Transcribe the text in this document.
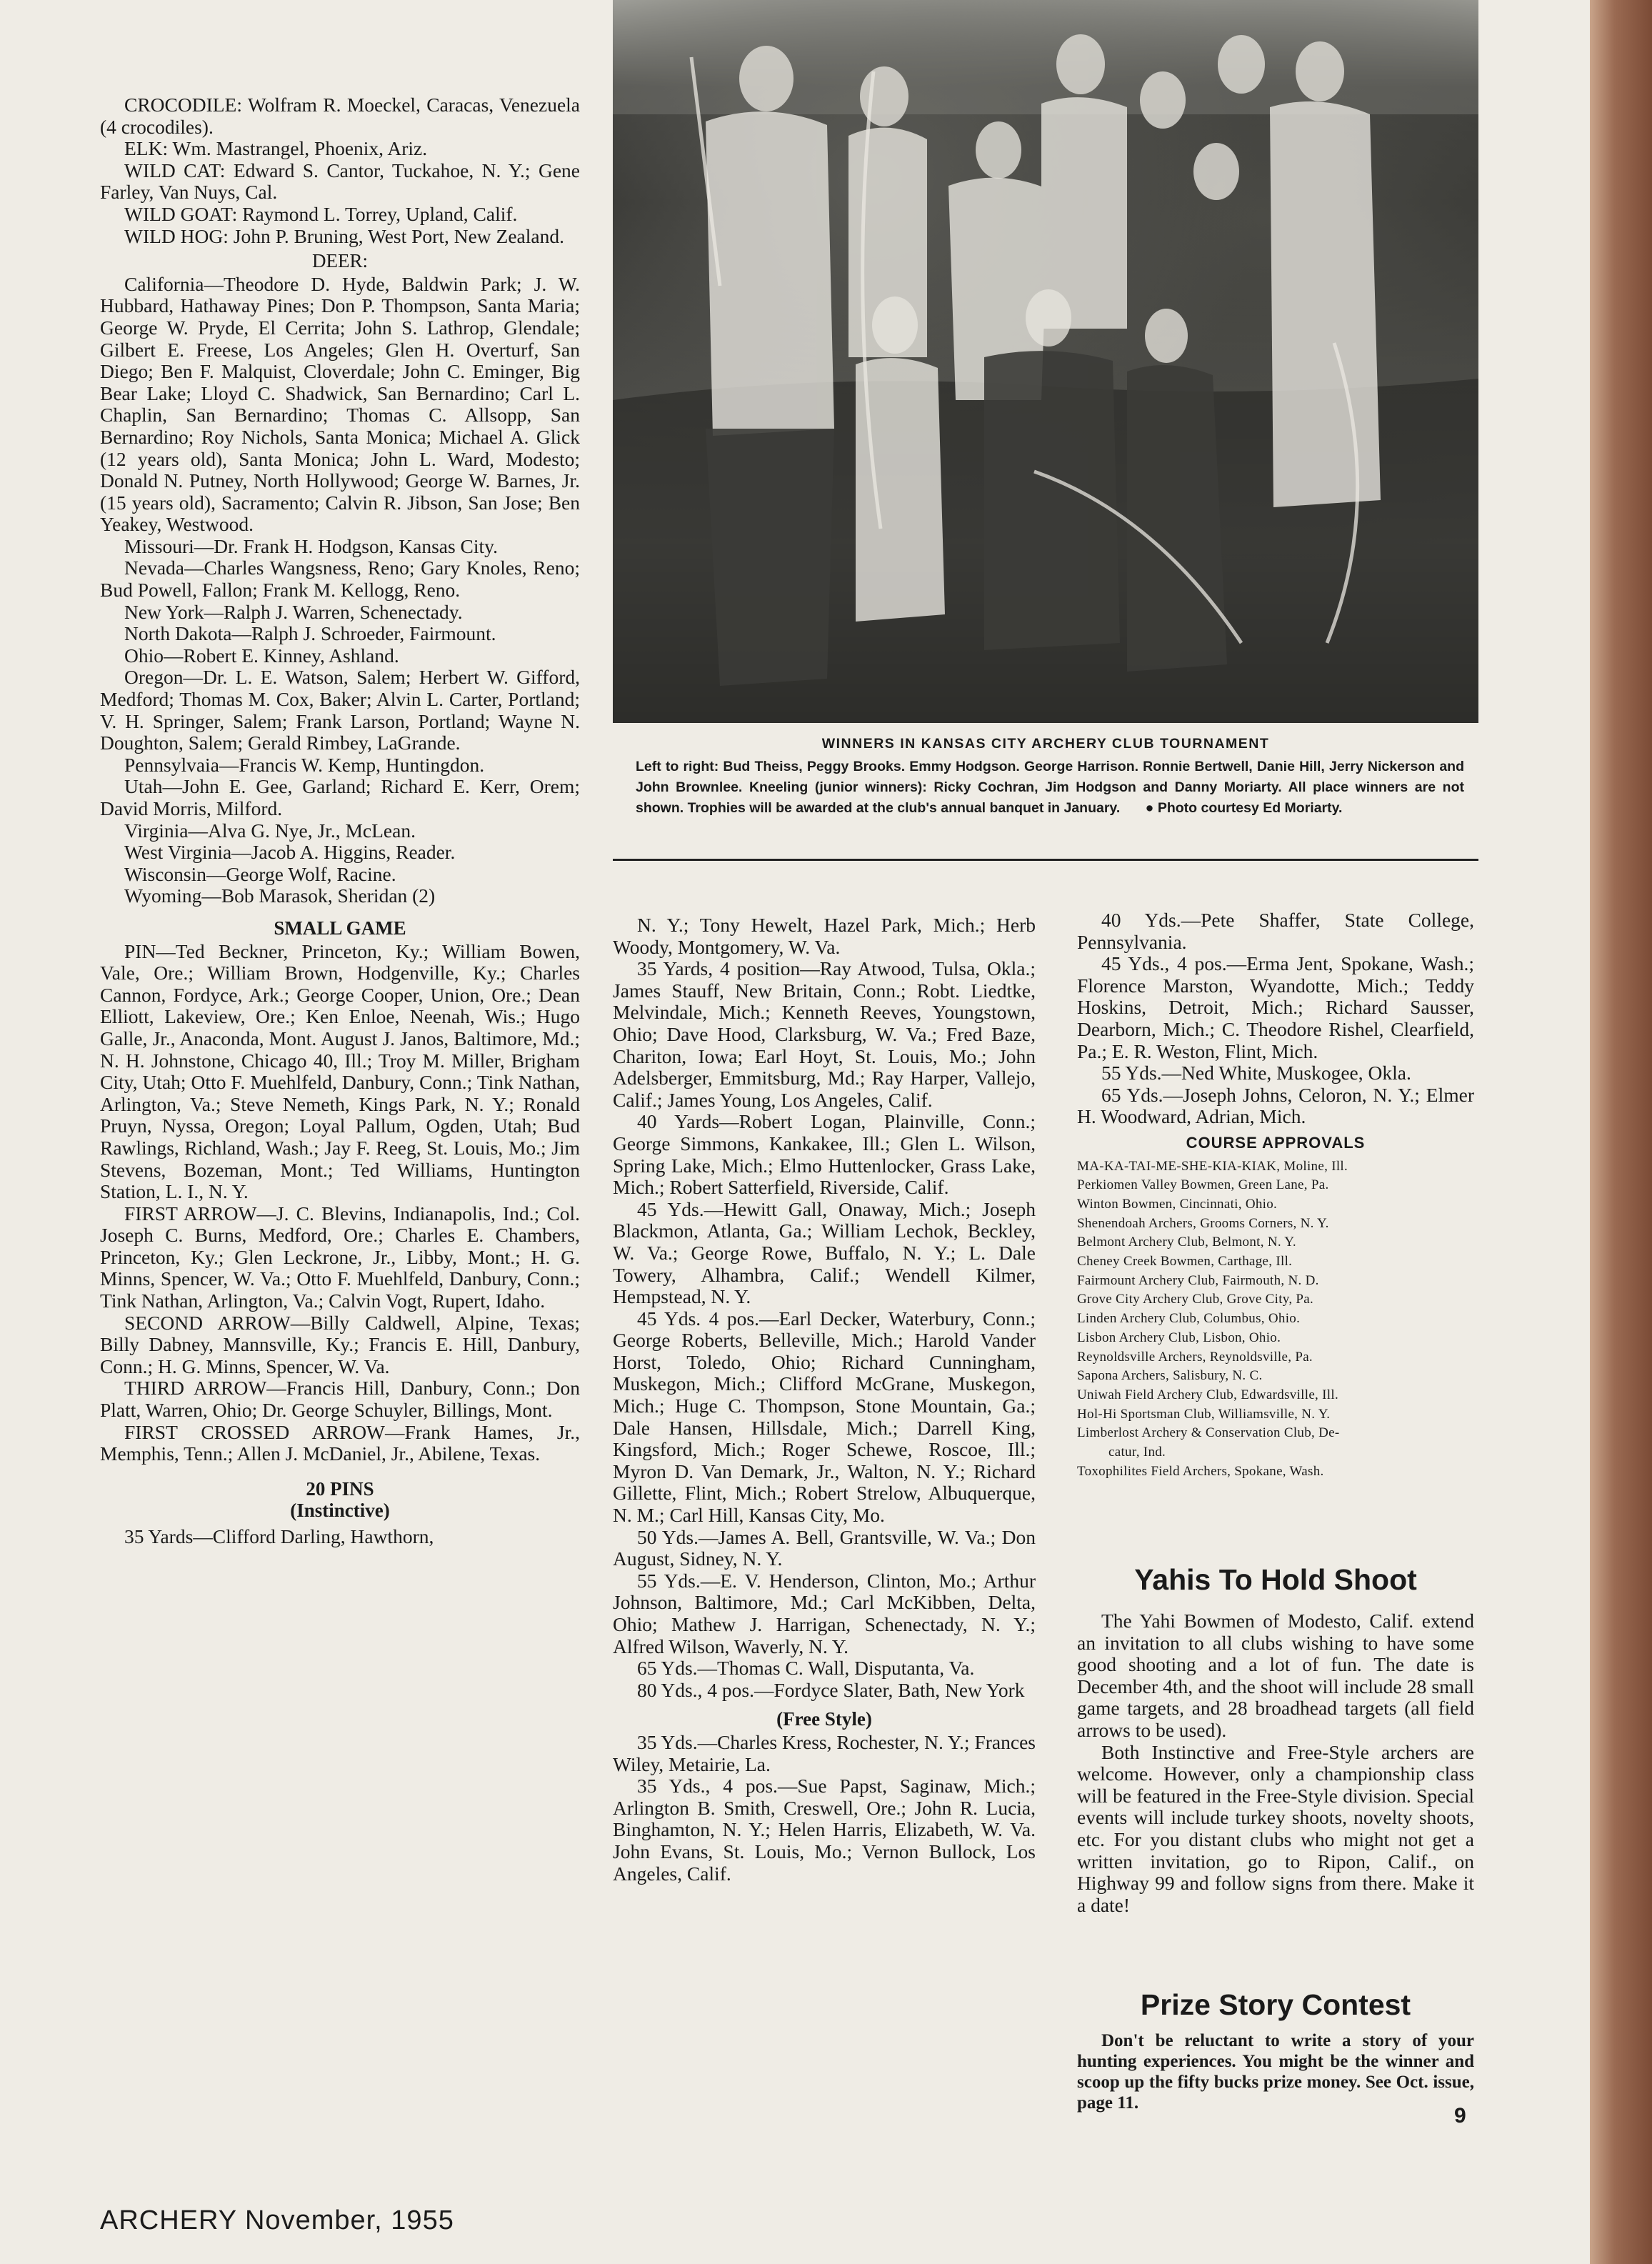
CROCODILE: Wolfram R. Moeckel, Caracas, Venezuela (4 crocodiles).

ELK: Wm. Mastrangel, Phoenix, Ariz.

WILD CAT: Edward S. Cantor, Tuckahoe, N. Y.; Gene Farley, Van Nuys, Cal.

WILD GOAT: Raymond L. Torrey, Upland, Calif.

WILD HOG: John P. Bruning, West Port, New Zealand.

DEER:

California—Theodore D. Hyde, Baldwin Park; J. W. Hubbard, Hathaway Pines; Don P. Thompson, Santa Maria; George W. Pryde, El Cerrita; John S. Lathrop, Glendale; Gilbert E. Freese, Los Angeles; Glen H. Overturf, San Diego; Ben F. Malquist, Cloverdale; John C. Eminger, Big Bear Lake; Lloyd C. Shadwick, San Bernardino; Carl L. Chaplin, San Bernardino; Thomas C. Allsopp, San Bernardino; Roy Nichols, Santa Monica; Michael A. Glick (12 years old), Santa Monica; John L. Ward, Modesto; Donald N. Putney, North Hollywood; George W. Barnes, Jr. (15 years old), Sacramento; Calvin R. Jibson, San Jose; Ben Yeakey, Westwood.

Missouri—Dr. Frank H. Hodgson, Kansas City.

Nevada—Charles Wangsness, Reno; Gary Knoles, Reno; Bud Powell, Fallon; Frank M. Kellogg, Reno.

New York—Ralph J. Warren, Schenectady.

North Dakota—Ralph J. Schroeder, Fairmount.

Ohio—Robert E. Kinney, Ashland.

Oregon—Dr. L. E. Watson, Salem; Herbert W. Gifford, Medford; Thomas M. Cox, Baker; Alvin L. Carter, Portland; V. H. Springer, Salem; Frank Larson, Portland; Wayne N. Doughton, Salem; Gerald Rimbey, LaGrande.

Pennsylvaia—Francis W. Kemp, Huntingdon.

Utah—John E. Gee, Garland; Richard E. Kerr, Orem; David Morris, Milford.

Virginia—Alva G. Nye, Jr., McLean.

West Virginia—Jacob A. Higgins, Reader.

Wisconsin—George Wolf, Racine.

Wyoming—Bob Marasok, Sheridan (2)

SMALL GAME

PIN—Ted Beckner, Princeton, Ky.; William Bowen, Vale, Ore.; William Brown, Hodgenville, Ky.; Charles Cannon, Fordyce, Ark.; George Cooper, Union, Ore.; Dean Elliott, Lakeview, Ore.; Ken Enloe, Neenah, Wis.; Hugo Galle, Jr., Anaconda, Mont. August J. Janos, Baltimore, Md.; N. H. Johnstone, Chicago 40, Ill.; Troy M. Miller, Brigham City, Utah; Otto F. Muehlfeld, Danbury, Conn.; Tink Nathan, Arlington, Va.; Steve Nemeth, Kings Park, N. Y.; Ronald Pruyn, Nyssa, Oregon; Loyal Pallum, Ogden, Utah; Bud Rawlings, Richland, Wash.; Jay F. Reeg, St. Louis, Mo.; Jim Stevens, Bozeman, Mont.; Ted Williams, Huntington Station, L. I., N. Y.

FIRST ARROW—J. C. Blevins, Indianapolis, Ind.; Col. Joseph C. Burns, Medford, Ore.; Charles E. Chambers, Princeton, Ky.; Glen Leckrone, Jr., Libby, Mont.; H. G. Minns, Spencer, W. Va.; Otto F. Muehlfeld, Danbury, Conn.; Tink Nathan, Arlington, Va.; Calvin Vogt, Rupert, Idaho.

SECOND ARROW—Billy Caldwell, Alpine, Texas; Billy Dabney, Mannsville, Ky.; Francis E. Hill, Danbury, Conn.; H. G. Minns, Spencer, W. Va.

THIRD ARROW—Francis Hill, Danbury, Conn.; Don Platt, Warren, Ohio; Dr. George Schuyler, Billings, Mont.

FIRST CROSSED ARROW—Frank Hames, Jr., Memphis, Tenn.; Allen J. McDaniel, Jr., Abilene, Texas.

20 PINS
(Instinctive)

35 Yards—Clifford Darling, Hawthorn,

WINNERS IN KANSAS CITY ARCHERY CLUB TOURNAMENT
Left to right: Bud Theiss, Peggy Brooks. Emmy Hodgson. George Harrison. Ronnie Bertwell, Danie Hill, Jerry Nickerson and John Brownlee. Kneeling (junior winners): Ricky Cochran, Jim Hodgson and Danny Moriarty. All place winners are not shown. Trophies will be awarded at the club's annual banquet in January. ● Photo courtesy Ed Moriarty.

N. Y.; Tony Hewelt, Hazel Park, Mich.; Herb Woody, Montgomery, W. Va.

35 Yards, 4 position—Ray Atwood, Tulsa, Okla.; James Stauff, New Britain, Conn.; Robt. Liedtke, Melvindale, Mich.; Kenneth Reeves, Youngstown, Ohio; Dave Hood, Clarksburg, W. Va.; Fred Baze, Chariton, Iowa; Earl Hoyt, St. Louis, Mo.; John Adelsberger, Emmitsburg, Md.; Ray Harper, Vallejo, Calif.; James Young, Los Angeles, Calif.

40 Yards—Robert Logan, Plainville, Conn.; George Simmons, Kankakee, Ill.; Glen L. Wilson, Spring Lake, Mich.; Elmo Huttenlocker, Grass Lake, Mich.; Robert Satterfield, Riverside, Calif.

45 Yds.—Hewitt Gall, Onaway, Mich.; Joseph Blackmon, Atlanta, Ga.; William Lechok, Beckley, W. Va.; George Rowe, Buffalo, N. Y.; L. Dale Towery, Alhambra, Calif.; Wendell Kilmer, Hempstead, N. Y.

45 Yds. 4 pos.—Earl Decker, Waterbury, Conn.; George Roberts, Belleville, Mich.; Harold Vander Horst, Toledo, Ohio; Richard Cunningham, Muskegon, Mich.; Clifford McGrane, Muskegon, Mich.; Huge C. Thompson, Stone Mountain, Ga.; Dale Hansen, Hillsdale, Mich.; Darrell King, Kingsford, Mich.; Roger Schewe, Roscoe, Ill.; Myron D. Van Demark, Jr., Walton, N. Y.; Richard Gillette, Flint, Mich.; Robert Strelow, Albuquerque, N. M.; Carl Hill, Kansas City, Mo.

50 Yds.—James A. Bell, Grantsville, W. Va.; Don August, Sidney, N. Y.

55 Yds.—E. V. Henderson, Clinton, Mo.; Arthur Johnson, Baltimore, Md.; Carl McKibben, Delta, Ohio; Mathew J. Harrigan, Schenectady, N. Y.; Alfred Wilson, Waverly, N. Y.

65 Yds.—Thomas C. Wall, Disputanta, Va.

80 Yds., 4 pos.—Fordyce Slater, Bath, New York

(Free Style)

35 Yds.—Charles Kress, Rochester, N. Y.; Frances Wiley, Metairie, La.

35 Yds., 4 pos.—Sue Papst, Saginaw, Mich.; Arlington B. Smith, Creswell, Ore.; John R. Lucia, Binghamton, N. Y.; Helen Harris, Elizabeth, W. Va. John Evans, St. Louis, Mo.; Vernon Bullock, Los Angeles, Calif.

40 Yds.—Pete Shaffer, State College, Pennsylvania.

45 Yds., 4 pos.—Erma Jent, Spokane, Wash.; Florence Marston, Wyandotte, Mich.; Teddy Hoskins, Detroit, Mich.; Richard Sausser, Dearborn, Mich.; C. Theodore Rishel, Clearfield, Pa.; E. R. Weston, Flint, Mich.

55 Yds.—Ned White, Muskogee, Okla.

65 Yds.—Joseph Johns, Celoron, N. Y.; Elmer H. Woodward, Adrian, Mich.

COURSE APPROVALS

MA-KA-TAI-ME-SHE-KIA-KIAK, Moline, Ill.

Perkiomen Valley Bowmen, Green Lane, Pa.

Winton Bowmen, Cincinnati, Ohio.

Shenendoah Archers, Grooms Corners, N. Y.

Belmont Archery Club, Belmont, N. Y.

Cheney Creek Bowmen, Carthage, Ill.

Fairmount Archery Club, Fairmouth, N. D.

Grove City Archery Club, Grove City, Pa.

Linden Archery Club, Columbus, Ohio.

Lisbon Archery Club, Lisbon, Ohio.

Reynoldsville Archers, Reynoldsville, Pa.

Sapona Archers, Salisbury, N. C.

Uniwah Field Archery Club, Edwardsville, Ill.

Hol-Hi Sportsman Club, Williamsville, N. Y.

Limberlost Archery & Conservation Club, De-

catur, Ind.

Toxophilites Field Archers, Spokane, Wash.

Yahis To Hold Shoot

The Yahi Bowmen of Modesto, Calif. extend an invitation to all clubs wishing to have some good shooting and a lot of fun. The date is December 4th, and the shoot will include 28 small game targets, and 28 broadhead targets (all field arrows to be used).

Both Instinctive and Free-Style archers are welcome. However, only a championship class will be featured in the Free-Style division. Special events will include turkey shoots, novelty shoots, etc. For you distant clubs who might not get a written invitation, go to Ripon, Calif., on Highway 99 and follow signs from there. Make it a date!

Prize Story Contest

Don't be reluctant to write a story of your hunting experiences. You might be the winner and scoop up the fifty bucks prize money. See Oct. issue, page 11.

ARCHERY November, 1955
9
